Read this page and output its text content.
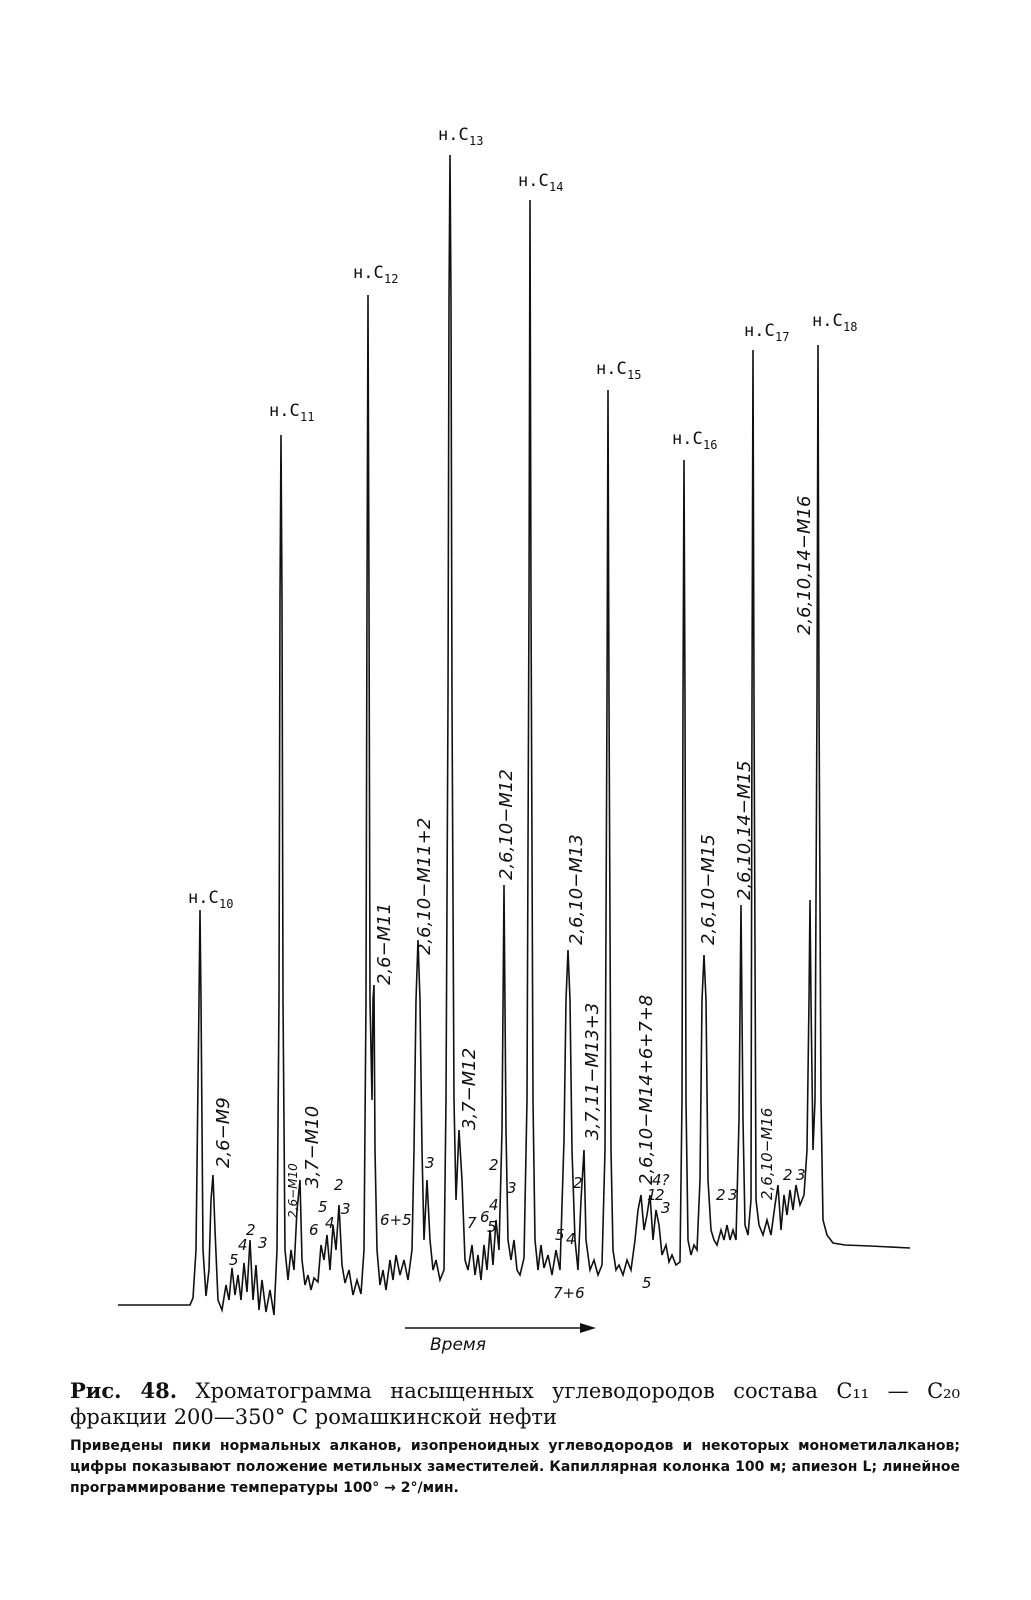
Время
н.C 10
н.C 11
н.C 12
н.C 13
н.C 14
н.C 15
н.C 16
н.C 17
н.C 18
2,6−M9
2,6−M10
3,7−M10
2,6−M11 2,6,10−M11+2
3,7−M12
2,6,10−M12
2,6,10−M13
3,7,11−M13+3 2,6,10−M14+6+7+8
2,6,10−M15 2,6,10,14−M15
2,6,10−M16
2,6,10,14−M16
5
4
2
3
6
5
4
2
3
6+5
3
7 6
4
5
2
3
5 4
7+6
2	4?
1
2
3
5
2 3
2 3

Рис. 48. Хроматограмма насыщенных углеводородов состава C₁₁ — C₂₀ фракции 200—350° C ромашкинской нефти

Приведены пики нормальных алканов, изопреноидных углеводородов и некоторых монометилалканов; цифры показывают положение метильных заместителей. Капиллярная колонка 100 м; апиезон L; линейное программирование температуры 100° → 2°/мин.
